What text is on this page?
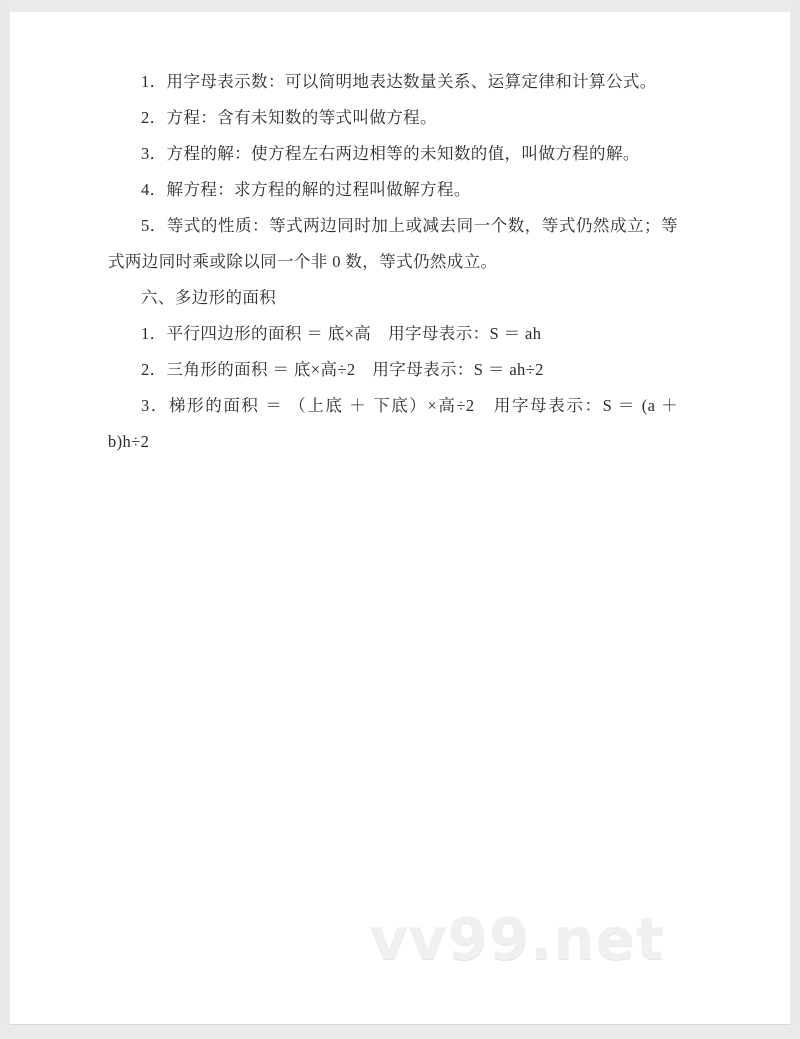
1．用字母表示数：可以简明地表达数量关系、运算定律和计算公式。

2．方程：含有未知数的等式叫做方程。

3．方程的解：使方程左右两边相等的未知数的值，叫做方程的解。

4．解方程：求方程的解的过程叫做解方程。

5．等式的性质：等式两边同时加上或减去同一个数，等式仍然成立；等式两边同时乘或除以同一个非 0 数，等式仍然成立。

六、多边形的面积

1．平行四边形的面积 ＝ 底×高　用字母表示：S ＝ ah

2．三角形的面积 ＝ 底×高÷2　用字母表示：S ＝ ah÷2

3．梯形的面积 ＝ （上底 ＋ 下底）×高÷2　用字母表示：S ＝ (a ＋ b)h÷2

vv99.net
